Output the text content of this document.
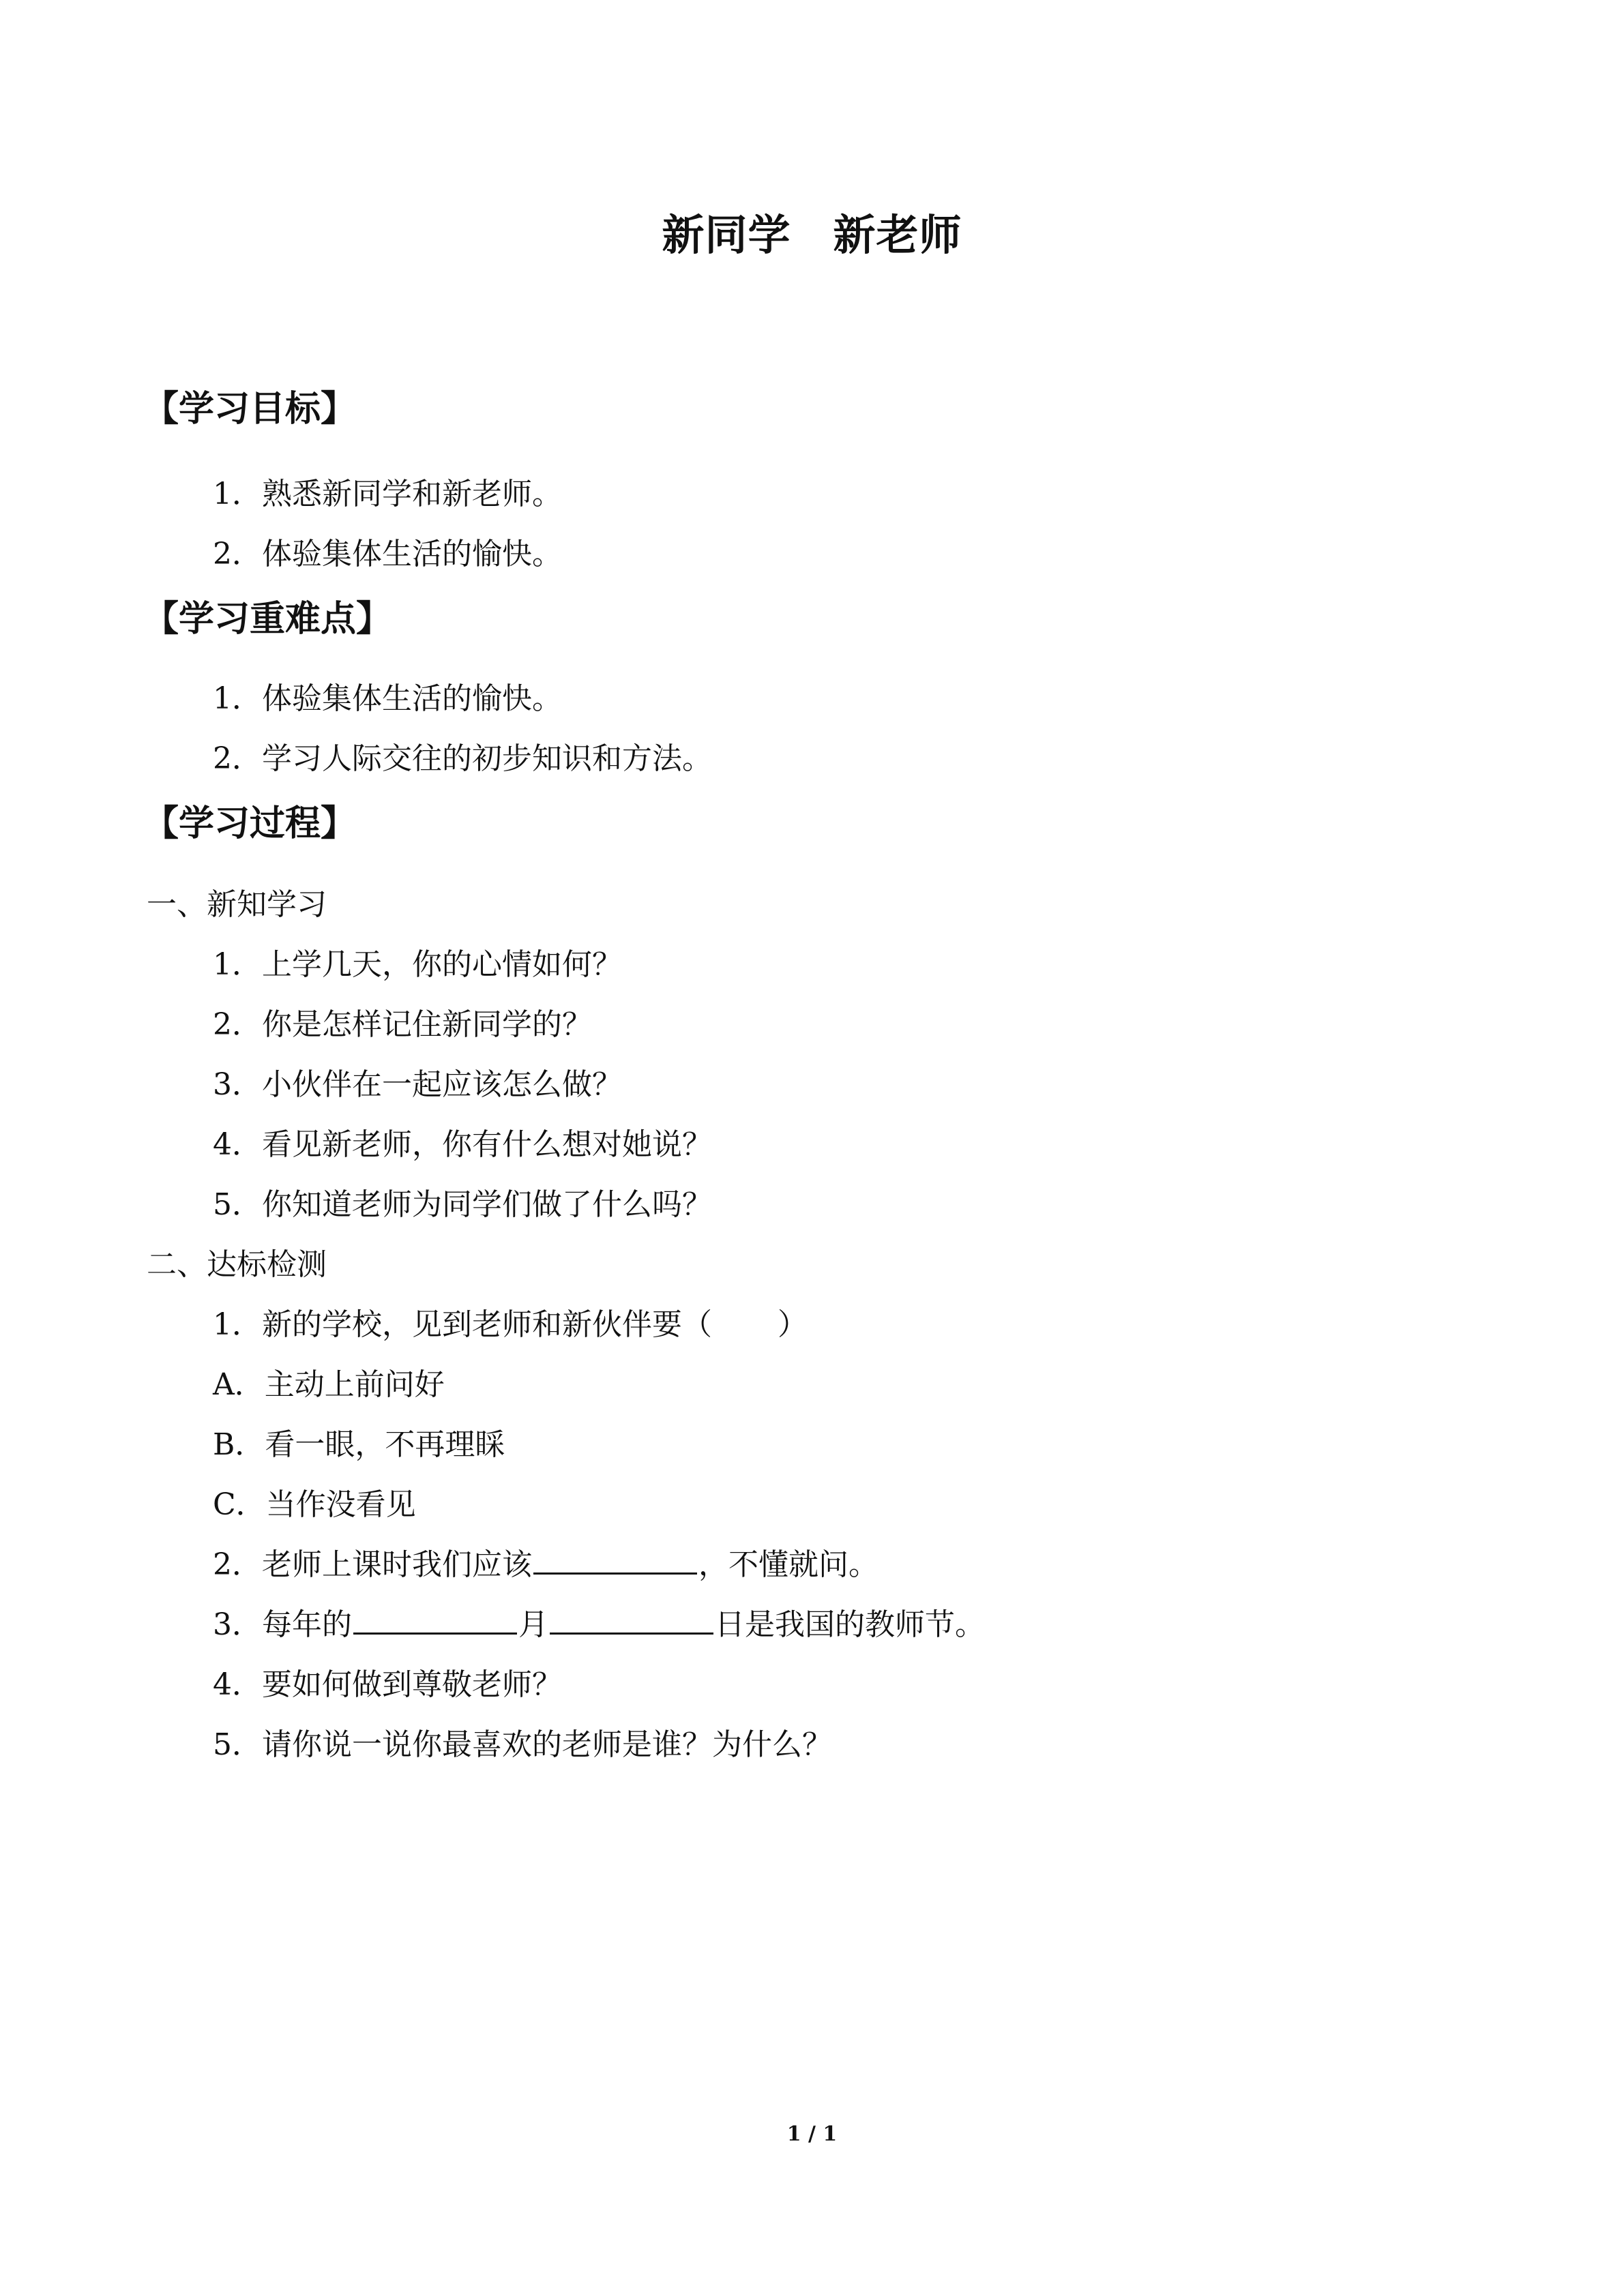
新同学 新老师
【学习目标】
1．熟悉新同学和新老师。
2．体验集体生活的愉快。
【学习重难点】
1．体验集体生活的愉快。
2．学习人际交往的初步知识和方法。
【学习过程】
一、新知学习
1．上学几天，你的心情如何？
2．你是怎样记住新同学的？
3．小伙伴在一起应该怎么做？
4．看见新老师，你有什么想对她说？
5．你知道老师为同学们做了什么吗？
二、达标检测
1．新的学校，见到老师和新伙伴要（ ）
A．主动上前问好
B．看一眼，不再理睬
C．当作没看见
2．老师上课时我们应该	，不懂就问。
3．每年的	月	日是我国的教师节。
4．要如何做到尊敬老师？
5．请你说一说你最喜欢的老师是谁？为什么？
1 / 1
